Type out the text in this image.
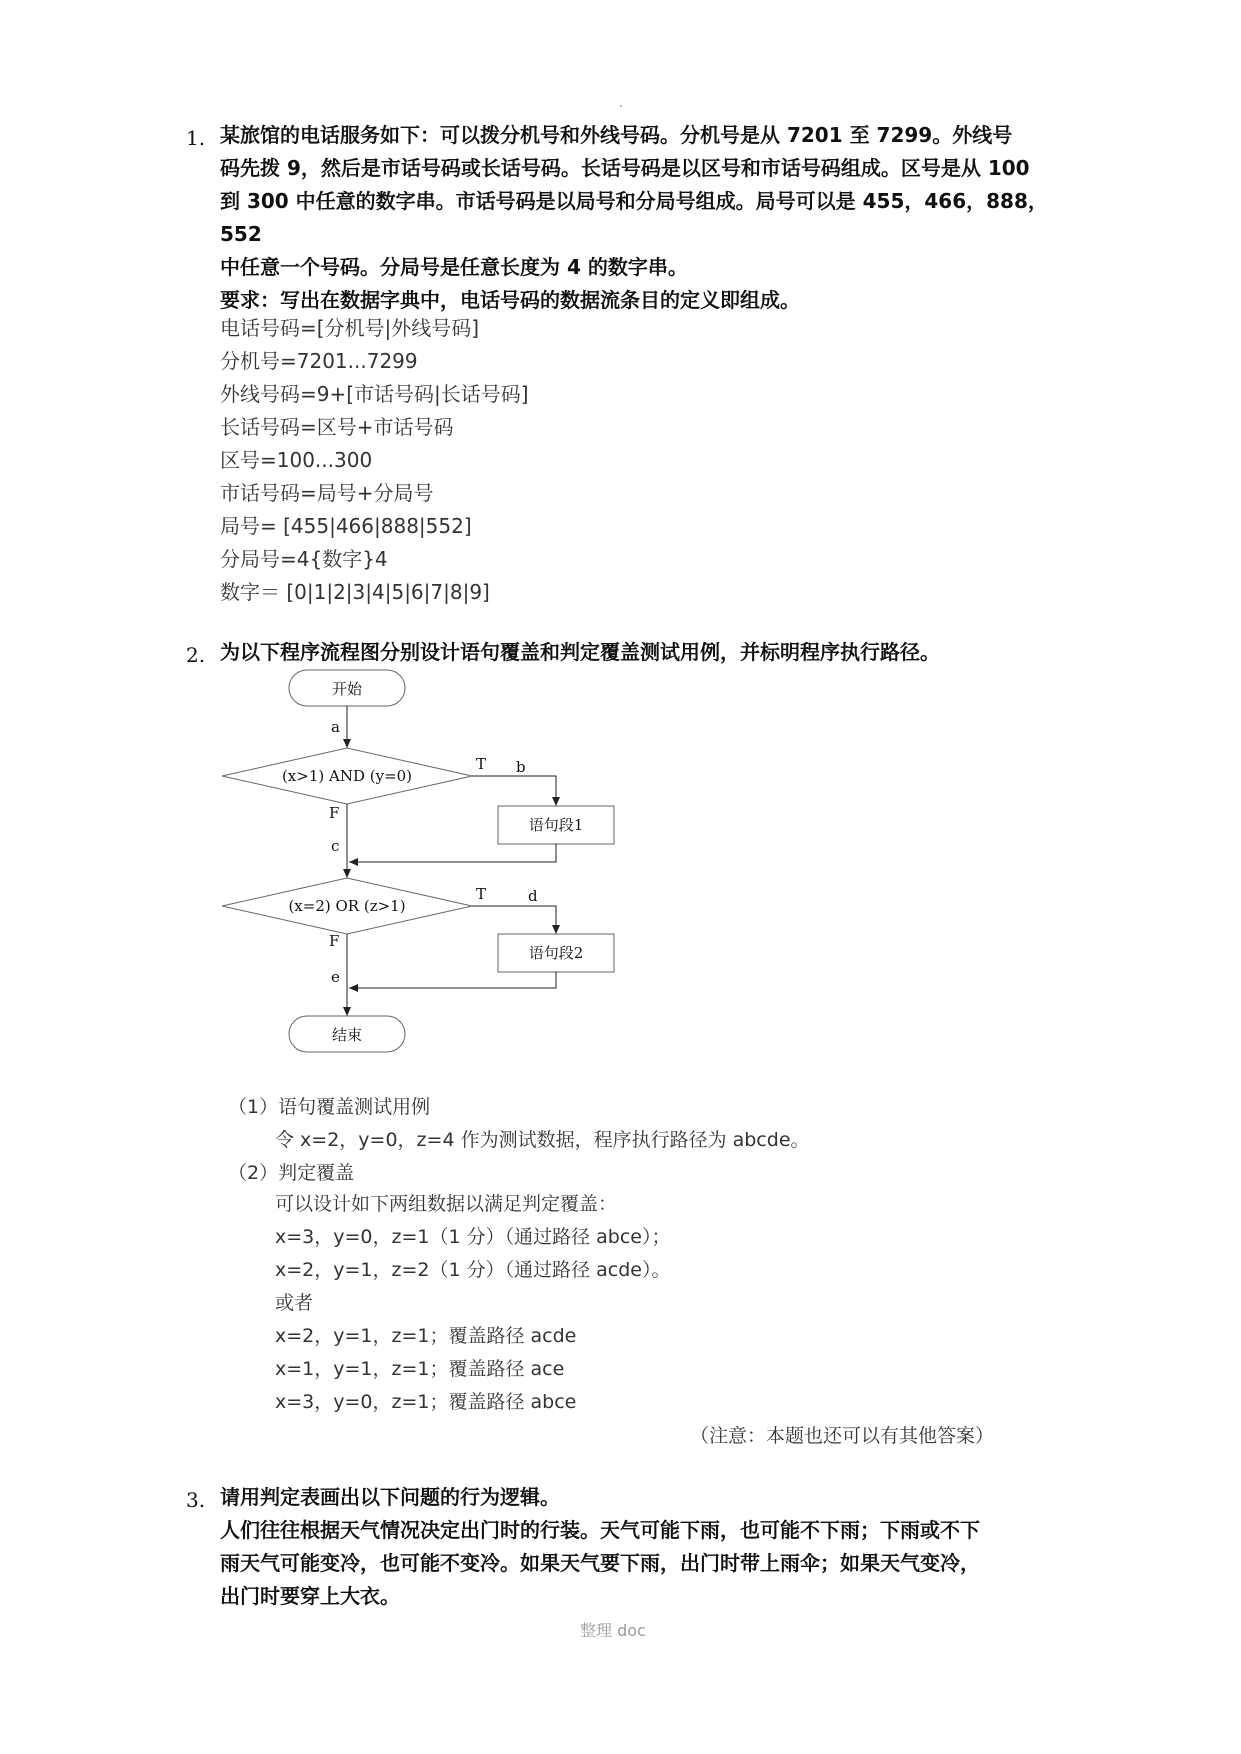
.
1. 某旅馆的电话服务如下：可以拨分机号和外线号码。分机号是从 7201 至 7299。外线号
码先拨 9，然后是市话号码或长话号码。长话号码是以区号和市话号码组成。区号是从 100
到 300 中任意的数字串。市话号码是以局号和分局号组成。局号可以是 455，466，888，552
中任意一个号码。分局号是任意长度为 4 的数字串。
要求：写出在数据字典中，电话号码的数据流条目的定义即组成。
电话号码=[分机号|外线号码]
分机号=7201...7299
外线号码=9+[市话号码|长话号码]
长话号码=区号+市话号码
区号=100...300
市话号码=局号+分局号
局号= [455|466|888|552]
分局号=4{数字}4
数字＝ [0|1|2|3|4|5|6|7|8|9]
2. 为以下程序流程图分别设计语句覆盖和判定覆盖测试用例，并标明程序执行路径。
开始
a
(x>1) AND (y=0)
T b
语句段1
F
c
(x=2) OR (z>1)
T	d
语句段2
F
e
结束
（1）语句覆盖测试用例
令 x=2，y=0，z=4 作为测试数据，程序执行路径为 abcde。
（2）判定覆盖
可以设计如下两组数据以满足判定覆盖：
x=3，y=0，z=1（1 分）（通过路径 abce）；
x=2，y=1，z=2（1 分）（通过路径 acde）。
或者
x=2，y=1，z=1；覆盖路径 acde
x=1，y=1，z=1；覆盖路径 ace
x=3，y=0，z=1；覆盖路径 abce
（注意：本题也还可以有其他答案）
3. 请用判定表画出以下问题的行为逻辑。
人们往往根据天气情况决定出门时的行装。天气可能下雨，也可能不下雨；下雨或不下
雨天气可能变冷，也可能不变冷。如果天气要下雨，出门时带上雨伞；如果天气变冷，
出门时要穿上大衣。
整理 doc
